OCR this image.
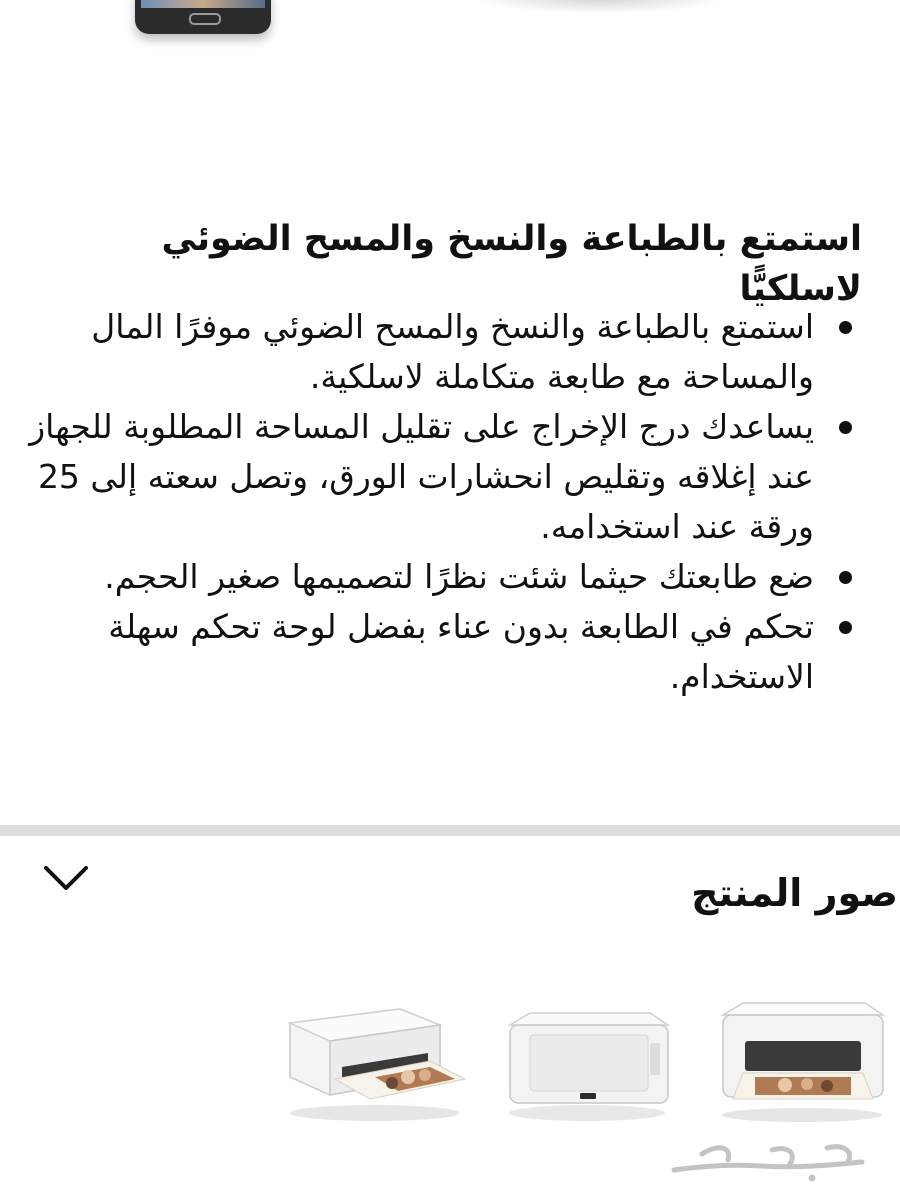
استمتع بالطباعة والنسخ والمسح الضوئي لاسلكيًّا
استمتع بالطباعة والنسخ والمسح الضوئي موفرًا المال والمساحة مع طابعة متكاملة لاسلكية.
يساعدك درج الإخراج على تقليل المساحة المطلوبة للجهاز عند إغلاقه وتقليص انحشارات الورق، وتصل سعته إلى 25 ورقة عند استخدامه.
ضع طابعتك حيثما شئت نظرًا لتصميمها صغير الحجم.
تحكم في الطابعة بدون عناء بفضل لوحة تحكم سهلة الاستخدام.
صور المنتج
